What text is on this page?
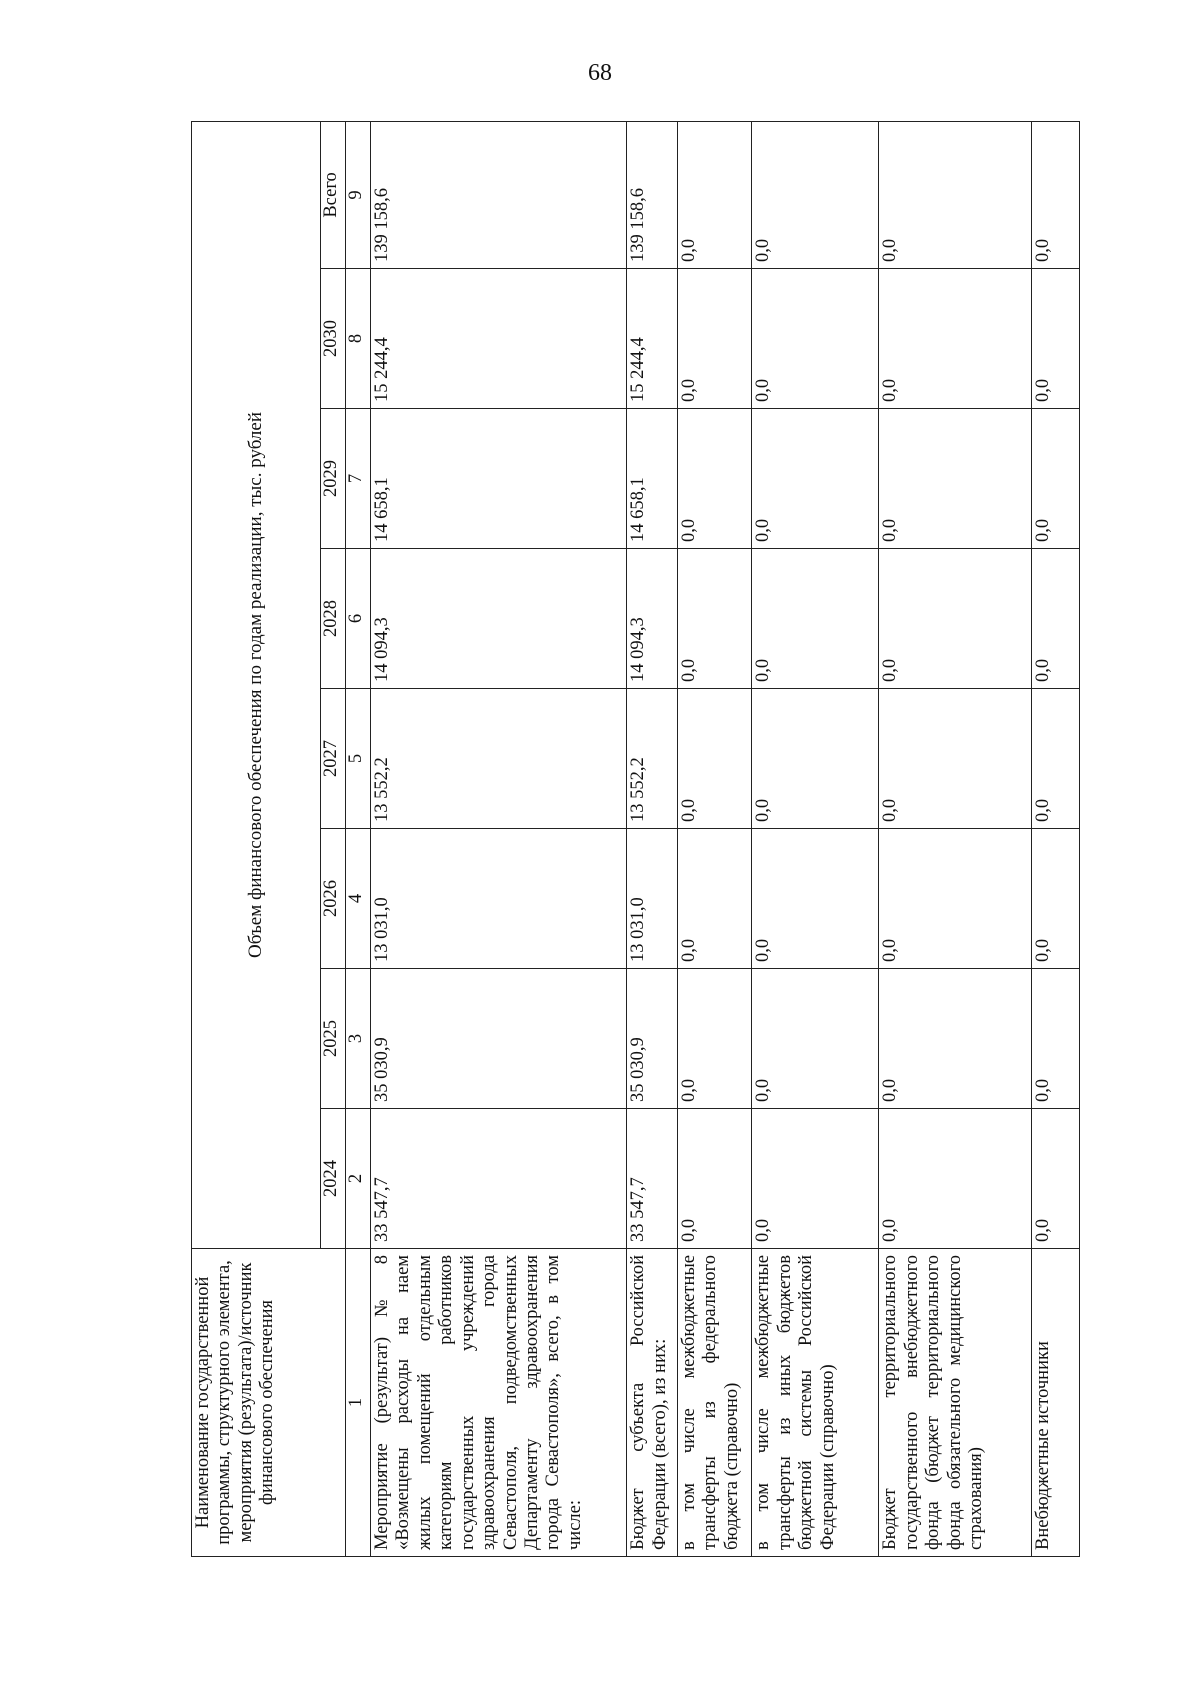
68
Наименование государственной программы, структурного элемента, мероприятия (результата)/источник финансового обеспечения	Объем финансового обеспечения по годам реализации, тыс. рублей							
	2024	2025	2026	2027	2028	2029	2030	Всего
1	2	3	4	5	6	7	8	9
Мероприятие (результат) № 8 «Возмещены расходы на наем жилых помещений отдельным категориям работников государственных учреждений здравоохранения города Севастополя, подведомственных Департаменту здравоохранения города Севастополя», всего, в том числе:	33 547,7	35 030,9	13 031,0	13 552,2	14 094,3	14 658,1	15 244,4	139 158,6
Бюджет субъекта Российской Федерации (всего), из них:	33 547,7	35 030,9	13 031,0	13 552,2	14 094,3	14 658,1	15 244,4	139 158,6
в том числе межбюджетные трансферты из федерального бюджета (справочно)	0,0	0,0	0,0	0,0	0,0	0,0	0,0	0,0
в том числе межбюджетные трансферты из иных бюджетов бюджетной системы Российской Федерации (справочно)	0,0	0,0	0,0	0,0	0,0	0,0	0,0	0,0
Бюджет территориального государственного внебюджетного фонда (бюджет территориального фонда обязательного медицинского страхования)	0,0	0,0	0,0	0,0	0,0	0,0	0,0	0,0
Внебюджетные источники	0,0	0,0	0,0	0,0	0,0	0,0	0,0	0,0
